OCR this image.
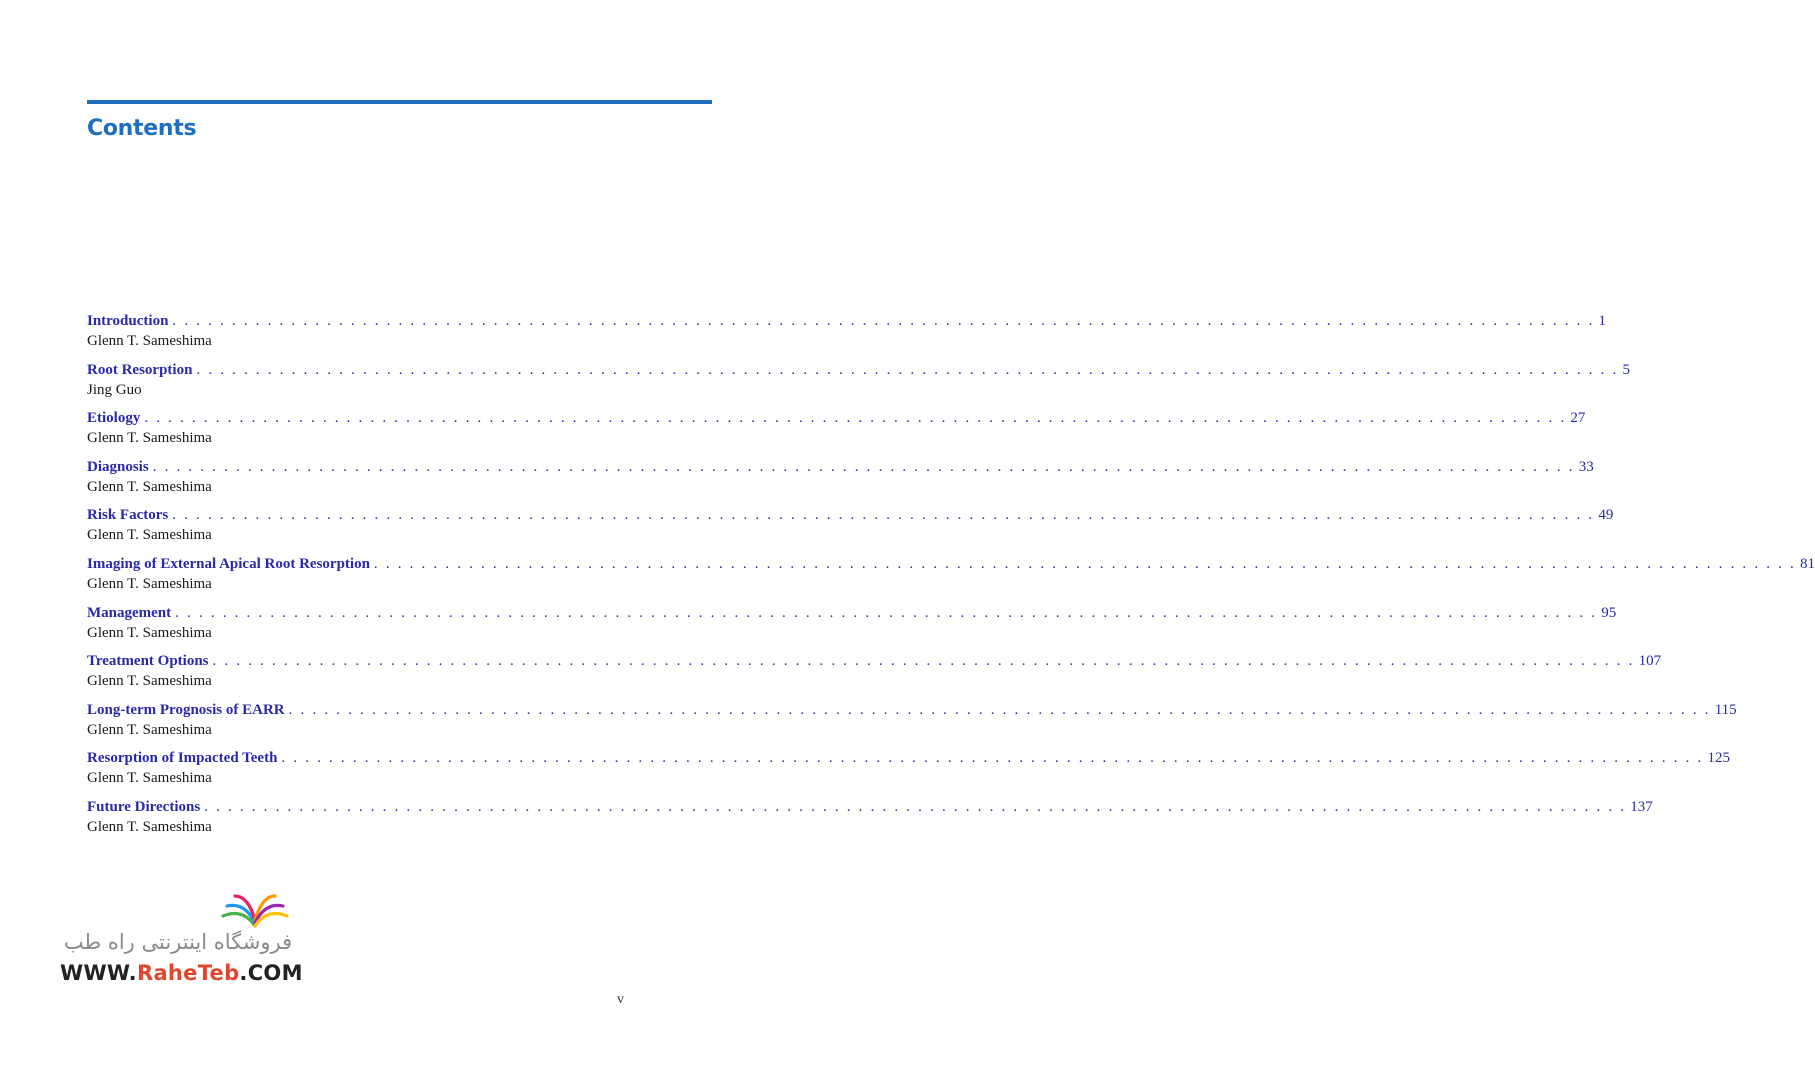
Contents
Introduction . . . . . . . . . . . . . . . . . . . . . . . . . . . . . . . . . . . . . . . . . . . . . . . . . . . . . . . . . . . . . . . . . . . . . . . . . . . . . . . . . . . . . . . . . . . . . . . . . . . . . . . . . . . . . . . . . . . . . . . . 1
Glenn T. Sameshima
Root Resorption . . . . . . . . . . . . . . . . . . . . . . . . . . . . . . . . . . . . . . . . . . . . . . . . . . . . . . . . . . . . . . . . . . . . . . . . . . . . . . . . . . . . . . . . . . . . . . . . . . . . . . . . . . . . . . . . . . . . . . . . 5
Jing Guo
Etiology . . . . . . . . . . . . . . . . . . . . . . . . . . . . . . . . . . . . . . . . . . . . . . . . . . . . . . . . . . . . . . . . . . . . . . . . . . . . . . . . . . . . . . . . . . . . . . . . . . . . . . . . . . . . . . . . . . . . . . . . 27
Glenn T. Sameshima
Diagnosis . . . . . . . . . . . . . . . . . . . . . . . . . . . . . . . . . . . . . . . . . . . . . . . . . . . . . . . . . . . . . . . . . . . . . . . . . . . . . . . . . . . . . . . . . . . . . . . . . . . . . . . . . . . . . . . . . . . . . . . . 33
Glenn T. Sameshima
Risk Factors . . . . . . . . . . . . . . . . . . . . . . . . . . . . . . . . . . . . . . . . . . . . . . . . . . . . . . . . . . . . . . . . . . . . . . . . . . . . . . . . . . . . . . . . . . . . . . . . . . . . . . . . . . . . . . . . . . . . . . . . 49
Glenn T. Sameshima
Imaging of External Apical Root Resorption . . . . . . . . . . . . . . . . . . . . . . . . . . . . . . . . . . . . . . . . . . . . . . . . . . . . . . . . . . . . . . . . . . . . . . . . . . . . . . . . . . . . . . . . . . . . . . . . . . . . . . . . . . . . . . . . . . . . . . . . 81
Glenn T. Sameshima
Management . . . . . . . . . . . . . . . . . . . . . . . . . . . . . . . . . . . . . . . . . . . . . . . . . . . . . . . . . . . . . . . . . . . . . . . . . . . . . . . . . . . . . . . . . . . . . . . . . . . . . . . . . . . . . . . . . . . . . . . . 95
Glenn T. Sameshima
Treatment Options . . . . . . . . . . . . . . . . . . . . . . . . . . . . . . . . . . . . . . . . . . . . . . . . . . . . . . . . . . . . . . . . . . . . . . . . . . . . . . . . . . . . . . . . . . . . . . . . . . . . . . . . . . . . . . . . . . . . . . . . 107
Glenn T. Sameshima
Long-term Prognosis of EARR . . . . . . . . . . . . . . . . . . . . . . . . . . . . . . . . . . . . . . . . . . . . . . . . . . . . . . . . . . . . . . . . . . . . . . . . . . . . . . . . . . . . . . . . . . . . . . . . . . . . . . . . . . . . . . . . . . . . . . . . 115
Glenn T. Sameshima
Resorption of Impacted Teeth . . . . . . . . . . . . . . . . . . . . . . . . . . . . . . . . . . . . . . . . . . . . . . . . . . . . . . . . . . . . . . . . . . . . . . . . . . . . . . . . . . . . . . . . . . . . . . . . . . . . . . . . . . . . . . . . . . . . . . . . 125
Glenn T. Sameshima
Future Directions . . . . . . . . . . . . . . . . . . . . . . . . . . . . . . . . . . . . . . . . . . . . . . . . . . . . . . . . . . . . . . . . . . . . . . . . . . . . . . . . . . . . . . . . . . . . . . . . . . . . . . . . . . . . . . . . . . . . . . . . 137
Glenn T. Sameshima
فروشگاه اینترنتی راه طب
WWW.RaheTeb.COM
v
